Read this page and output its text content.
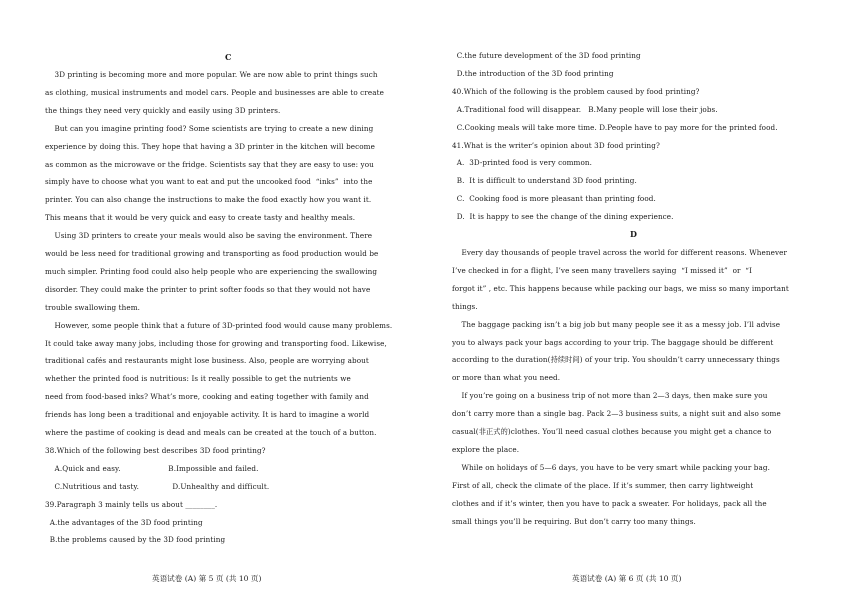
C
3D printing is becoming more and more popular. We are now able to print things such
as clothing, musical instruments and model cars. People and businesses are able to create
the things they need very quickly and easily using 3D printers.
But can you imagine printing food? Some scientists are trying to create a new dining
experience by doing this. They hope that having a 3D printer in the kitchen will become
as common as the microwave or the fridge. Scientists say that they are easy to use: you
simply have to choose what you want to eat and put the uncooked food  “inks”  into the
printer. You can also change the instructions to make the food exactly how you want it.
This means that it would be very quick and easy to create tasty and healthy meals.
Using 3D printers to create your meals would also be saving the environment. There
would be less need for traditional growing and transporting as food production would be
much simpler. Printing food could also help people who are experiencing the swallowing
disorder. They could make the printer to print softer foods so that they would not have
trouble swallowing them.
However, some people think that a future of 3D-printed food would cause many problems.
It could take away many jobs, including those for growing and transporting food. Likewise,
traditional cafés and restaurants might lose business. Also, people are worrying about
whether the printed food is nutritious: Is it really possible to get the nutrients we
need from food-based inks? What’s more, cooking and eating together with family and
friends has long been a traditional and enjoyable activity. It is hard to imagine a world
where the pastime of cooking is dead and meals can be created at the touch of a button.
38.Which of the following best describes 3D food printing?
A.Quick and easy.                    B.Impossible and failed.
C.Nutritious and tasty.              D.Unhealthy and difficult.
39.Paragraph 3 mainly tells us about ________.
A.the advantages of the 3D food printing
B.the problems caused by the 3D food printing
英语试卷 (A) 第 5 页 (共 10 页)
C.the future development of the 3D food printing
D.the introduction of the 3D food printing
40.Which of the following is the problem caused by food printing?
A.Traditional food will disappear.   B.Many people will lose their jobs.
C.Cooking meals will take more time. D.People have to pay more for the printed food.
41.What is the writer’s opinion about 3D food printing?
A.  3D-printed food is very common.
B.  It is difficult to understand 3D food printing.
C.  Cooking food is more pleasant than printing food.
D.  It is happy to see the change of the dining experience.
D
Every day thousands of people travel across the world for different reasons. Whenever
I’ve checked in for a flight, I’ve seen many travellers saying  “I missed it”  or  “I
forgot it” , etc. This happens because while packing our bags, we miss so many important
things.
The baggage packing isn’t a big job but many people see it as a messy job. I’ll advise
you to always pack your bags according to your trip. The baggage should be different
according to the duration(持续时间) of your trip. You shouldn’t carry unnecessary things
or more than what you need.
If you’re going on a business trip of not more than 2—3 days, then make sure you
don’t carry more than a single bag. Pack 2—3 business suits, a night suit and also some
casual(非正式的)clothes. You’ll need casual clothes because you might get a chance to
explore the place.
While on holidays of 5—6 days, you have to be very smart while packing your bag.
First of all, check the climate of the place. If it’s summer, then carry lightweight
clothes and if it’s winter, then you have to pack a sweater. For holidays, pack all the
small things you’ll be requiring. But don’t carry too many things.
英语试卷 (A) 第 6 页 (共 10 页)
